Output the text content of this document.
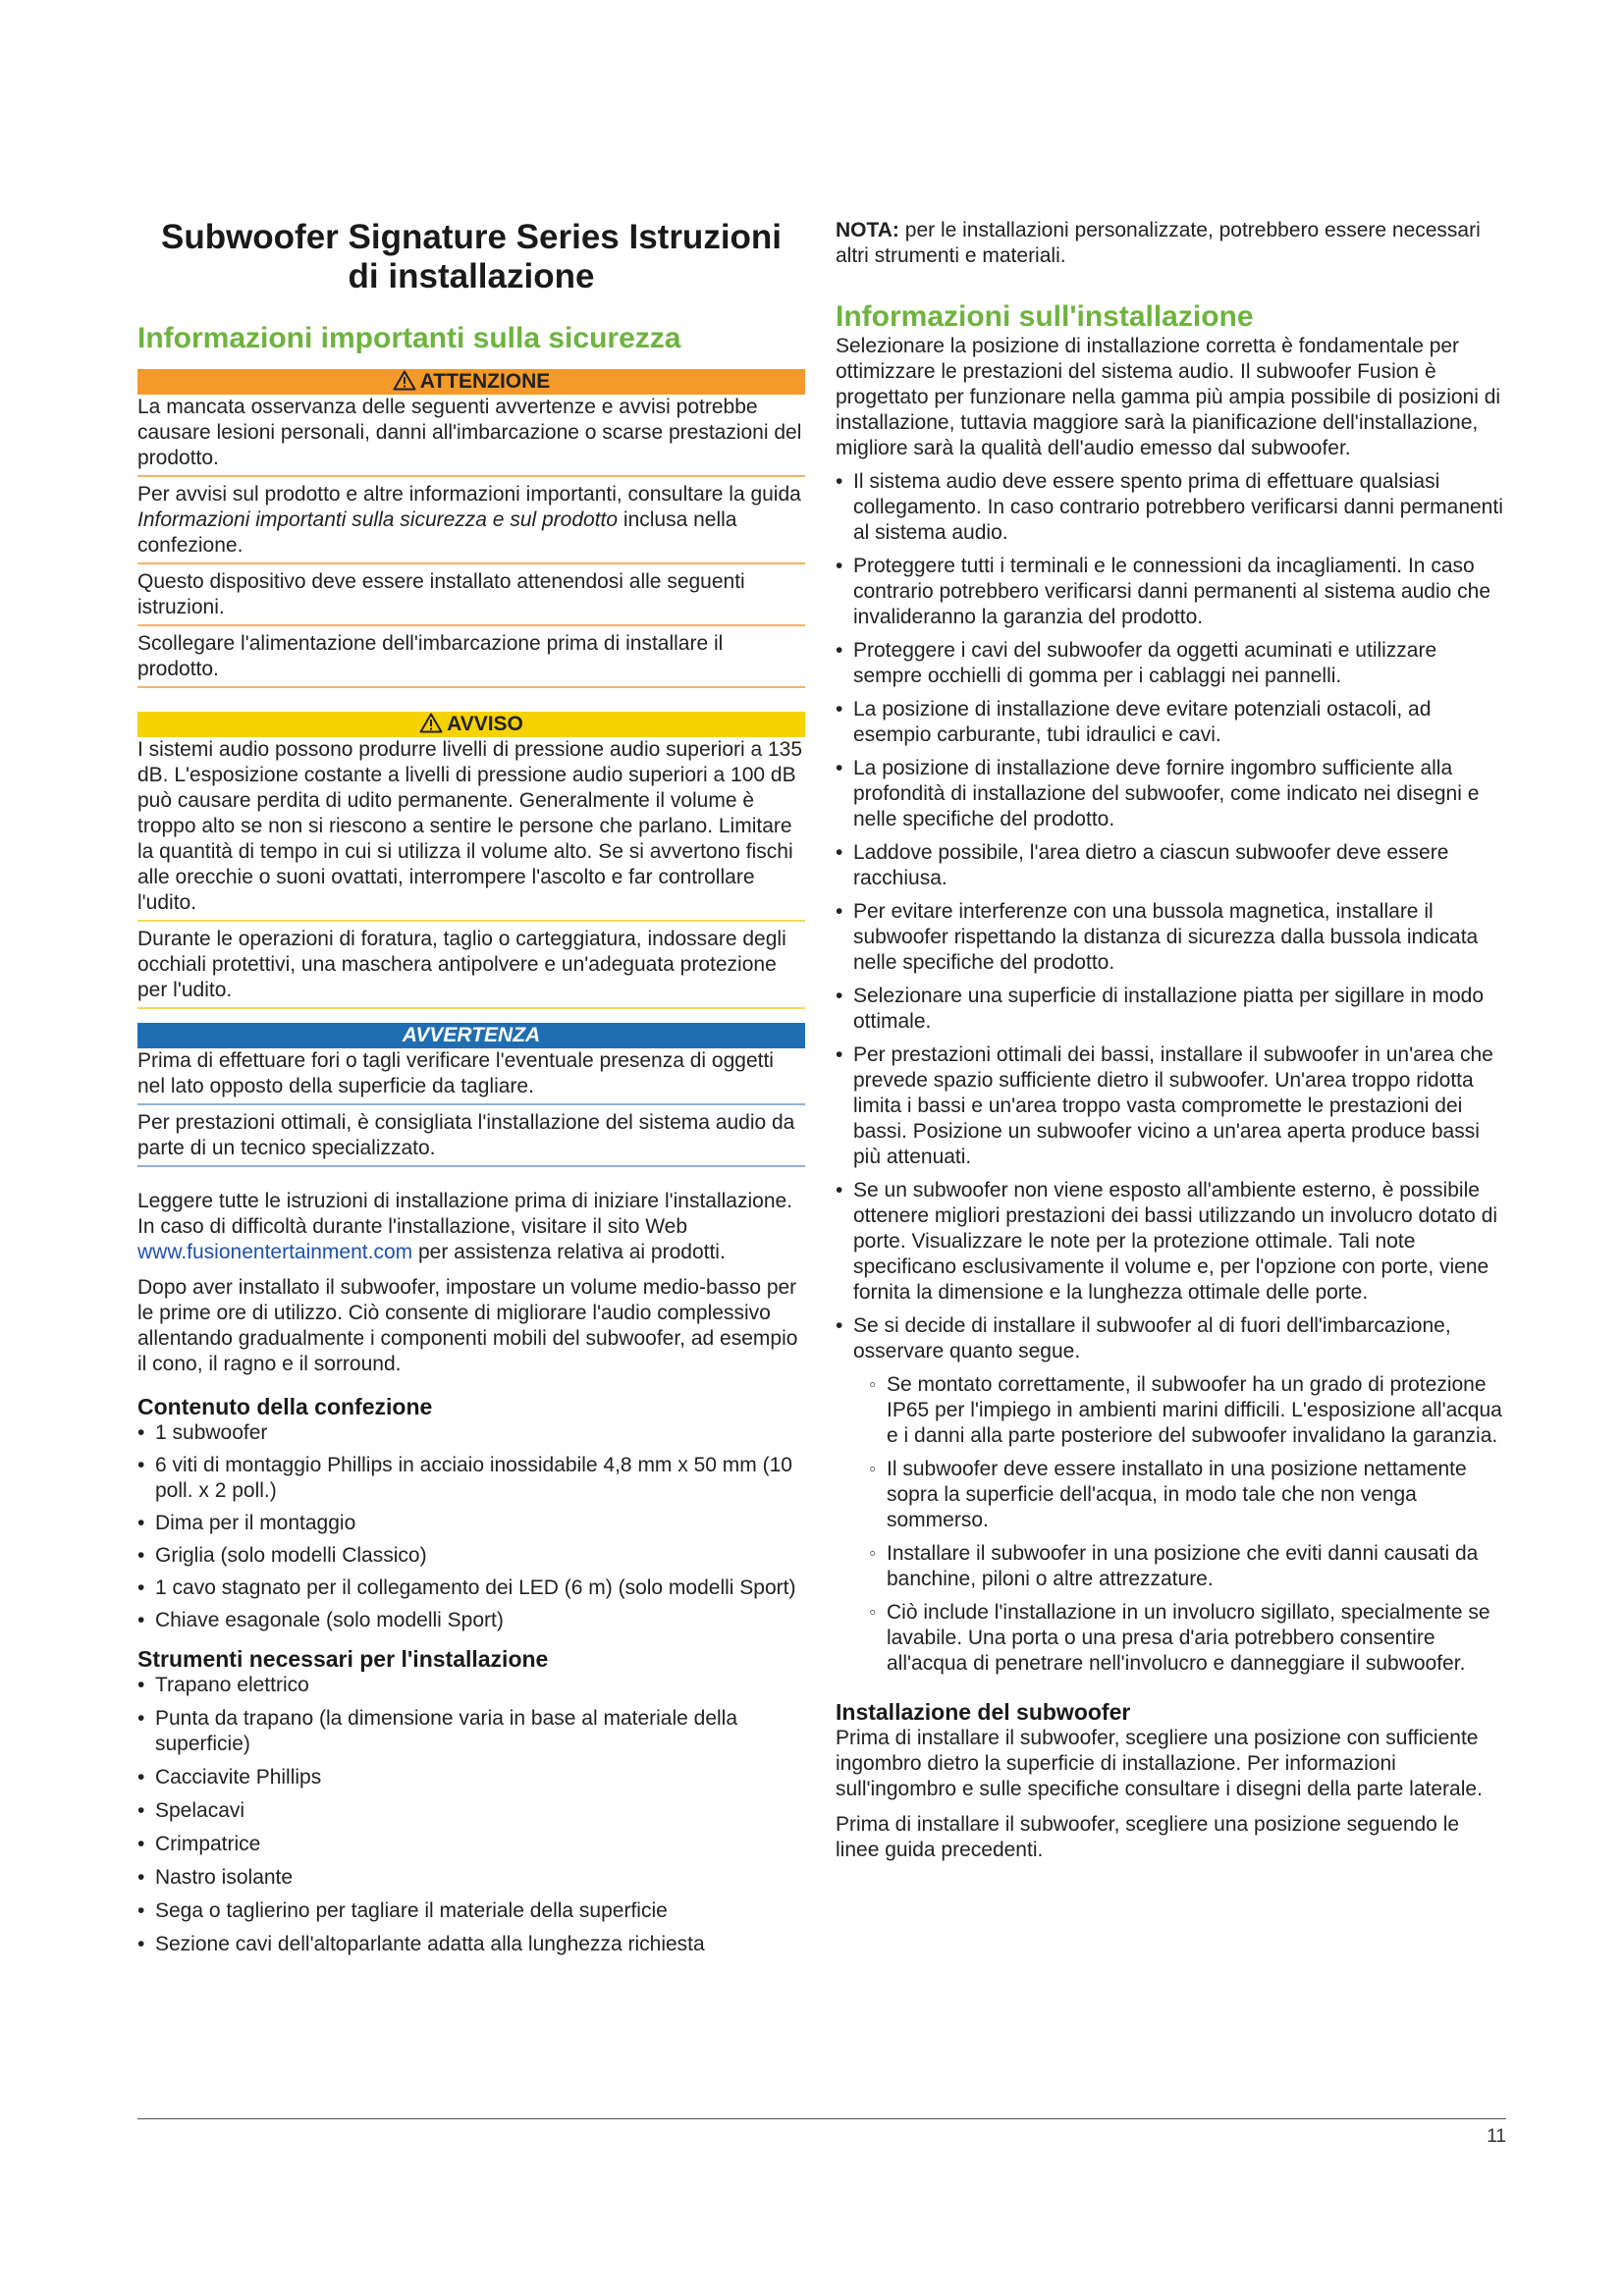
Subwoofer Signature Series Istruzioni
di installazione
Informazioni importanti sulla sicurezza
ATTENZIONE

La mancata osservanza delle seguenti avvertenze e avvisi potrebbe causare lesioni personali, danni all'imbarcazione o scarse prestazioni del prodotto.

Per avvisi sul prodotto e altre informazioni importanti, consultare la guida Informazioni importanti sulla sicurezza e sul prodotto inclusa nella confezione.

Questo dispositivo deve essere installato attenendosi alle seguenti istruzioni.

Scollegare l'alimentazione dell'imbarcazione prima di installare il prodotto.

AVVISO

I sistemi audio possono produrre livelli di pressione audio superiori a 135 dB. L'esposizione costante a livelli di pressione audio superiori a 100 dB può causare perdita di udito permanente. Generalmente il volume è troppo alto se non si riescono a sentire le persone che parlano. Limitare la quantità di tempo in cui si utilizza il volume alto. Se si avvertono fischi alle orecchie o suoni ovattati, interrompere l'ascolto e far controllare l'udito.

Durante le operazioni di foratura, taglio o carteggiatura, indossare degli occhiali protettivi, una maschera antipolvere e un'adeguata protezione per l'udito.

AVVERTENZA

Prima di effettuare fori o tagli verificare l'eventuale presenza di oggetti nel lato opposto della superficie da tagliare.

Per prestazioni ottimali, è consigliata l'installazione del sistema audio da parte di un tecnico specializzato.

Leggere tutte le istruzioni di installazione prima di iniziare l'installazione. In caso di difficoltà durante l'installazione, visitare il sito Web www.fusionentertainment.com per assistenza relativa ai prodotti.

Dopo aver installato il subwoofer, impostare un volume medio-basso per le prime ore di utilizzo. Ciò consente di migliorare l'audio complessivo allentando gradualmente i componenti mobili del subwoofer, ad esempio il cono, il ragno e il sorround.

Contenuto della confezione
• 1 subwoofer
• 6 viti di montaggio Phillips in acciaio inossidabile 4,8 mm x 50 mm (10 poll. x 2 poll.)
• Dima per il montaggio
• Griglia (solo modelli Classico)
• 1 cavo stagnato per il collegamento dei LED (6 m) (solo modelli Sport)
• Chiave esagonale (solo modelli Sport)
Strumenti necessari per l'installazione
• Trapano elettrico
• Punta da trapano (la dimensione varia in base al materiale della superficie)
• Cacciavite Phillips
• Spelacavi
• Crimpatrice
• Nastro isolante
• Sega o taglierino per tagliare il materiale della superficie
• Sezione cavi dell'altoparlante adatta alla lunghezza richiesta

NOTA: per le installazioni personalizzate, potrebbero essere necessari altri strumenti e materiali.

Informazioni sull'installazione

Selezionare la posizione di installazione corretta è fondamentale per ottimizzare le prestazioni del sistema audio. Il subwoofer Fusion è progettato per funzionare nella gamma più ampia possibile di posizioni di installazione, tuttavia maggiore sarà la pianificazione dell'installazione, migliore sarà la qualità dell'audio emesso dal subwoofer.

• Il sistema audio deve essere spento prima di effettuare qualsiasi collegamento. In caso contrario potrebbero verificarsi danni permanenti al sistema audio.
• Proteggere tutti i terminali e le connessioni da incagliamenti. In caso contrario potrebbero verificarsi danni permanenti al sistema audio che invalideranno la garanzia del prodotto.
• Proteggere i cavi del subwoofer da oggetti acuminati e utilizzare sempre occhielli di gomma per i cablaggi nei pannelli.
• La posizione di installazione deve evitare potenziali ostacoli, ad esempio carburante, tubi idraulici e cavi.
• La posizione di installazione deve fornire ingombro sufficiente alla profondità di installazione del subwoofer, come indicato nei disegni e nelle specifiche del prodotto.
• Laddove possibile, l'area dietro a ciascun subwoofer deve essere racchiusa.
• Per evitare interferenze con una bussola magnetica, installare il subwoofer rispettando la distanza di sicurezza dalla bussola indicata nelle specifiche del prodotto.
• Selezionare una superficie di installazione piatta per sigillare in modo ottimale.
• Per prestazioni ottimali dei bassi, installare il subwoofer in un'area che prevede spazio sufficiente dietro il subwoofer. Un'area troppo ridotta limita i bassi e un'area troppo vasta compromette le prestazioni dei bassi. Posizione un subwoofer vicino a un'area aperta produce bassi più attenuati.
• Se un subwoofer non viene esposto all'ambiente esterno, è possibile ottenere migliori prestazioni dei bassi utilizzando un involucro dotato di porte. Visualizzare le note per la protezione ottimale. Tali note specificano esclusivamente il volume e, per l'opzione con porte, viene fornita la dimensione e la lunghezza ottimale delle porte.
• Se si decide di installare il subwoofer al di fuori dell'imbarcazione, osservare quanto segue.
◦ Se montato correttamente, il subwoofer ha un grado di protezione IP65 per l'impiego in ambienti marini difficili. L'esposizione all'acqua e i danni alla parte posteriore del subwoofer invalidano la garanzia.
◦ Il subwoofer deve essere installato in una posizione nettamente sopra la superficie dell'acqua, in modo tale che non venga sommerso.
◦ Installare il subwoofer in una posizione che eviti danni causati da banchine, piloni o altre attrezzature.
◦ Ciò include l'installazione in un involucro sigillato, specialmente se lavabile. Una porta o una presa d'aria potrebbero consentire all'acqua di penetrare nell'involucro e danneggiare il subwoofer.
Installazione del subwoofer

Prima di installare il subwoofer, scegliere una posizione con sufficiente ingombro dietro la superficie di installazione. Per informazioni sull'ingombro e sulle specifiche consultare i disegni della parte laterale.

Prima di installare il subwoofer, scegliere una posizione seguendo le linee guida precedenti.

11
